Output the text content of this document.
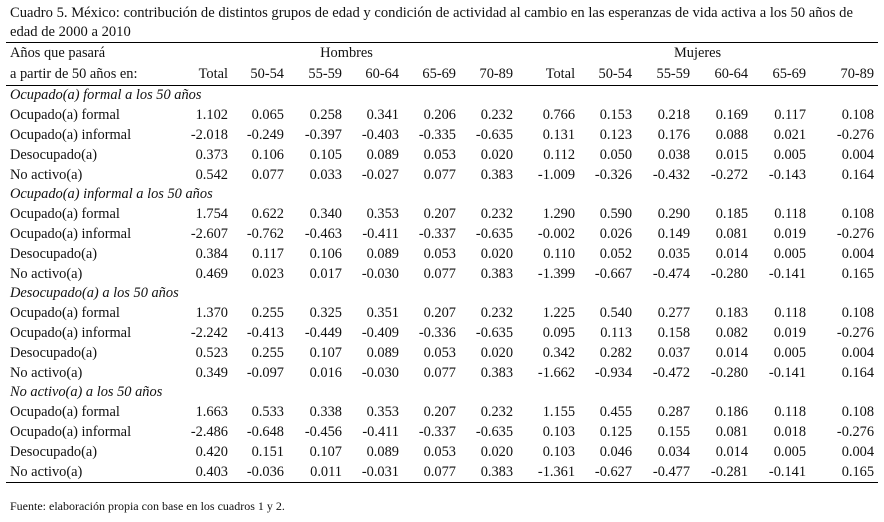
Cuadro 5. México: contribución de distintos grupos de edad y condición de actividad al cambio en las esperanzas de vida activa a los 50 años de edad de 2000 a 2010
Años que pasará	Hombres						Mujeres					
a partir de 50 años en:	Total	50-54	55-59	60-64	65-69	70-89	Total	50-54	55-59	60-64	65-69	70-89
Ocupado(a) formal a los 50 años												
Ocupado(a) formal	1.102	0.065	0.258	0.341	0.206	0.232	0.766	0.153	0.218	0.169	0.117	0.108
Ocupado(a) informal	-2.018	-0.249	-0.397	-0.403	-0.335	-0.635	0.131	0.123	0.176	0.088	0.021	-0.276
Desocupado(a)	0.373	0.106	0.105	0.089	0.053	0.020	0.112	0.050	0.038	0.015	0.005	0.004
No activo(a)	0.542	0.077	0.033	-0.027	0.077	0.383	-1.009	-0.326	-0.432	-0.272	-0.143	0.164
Ocupado(a) informal a los 50 años												
Ocupado(a) formal	1.754	0.622	0.340	0.353	0.207	0.232	1.290	0.590	0.290	0.185	0.118	0.108
Ocupado(a) informal	-2.607	-0.762	-0.463	-0.411	-0.337	-0.635	-0.002	0.026	0.149	0.081	0.019	-0.276
Desocupado(a)	0.384	0.117	0.106	0.089	0.053	0.020	0.110	0.052	0.035	0.014	0.005	0.004
No activo(a)	0.469	0.023	0.017	-0.030	0.077	0.383	-1.399	-0.667	-0.474	-0.280	-0.141	0.165
Desocupado(a) a los 50 años												
Ocupado(a) formal	1.370	0.255	0.325	0.351	0.207	0.232	1.225	0.540	0.277	0.183	0.118	0.108
Ocupado(a) informal	-2.242	-0.413	-0.449	-0.409	-0.336	-0.635	0.095	0.113	0.158	0.082	0.019	-0.276
Desocupado(a)	0.523	0.255	0.107	0.089	0.053	0.020	0.342	0.282	0.037	0.014	0.005	0.004
No activo(a)	0.349	-0.097	0.016	-0.030	0.077	0.383	-1.662	-0.934	-0.472	-0.280	-0.141	0.164
No activo(a) a los 50 años												
Ocupado(a) formal	1.663	0.533	0.338	0.353	0.207	0.232	1.155	0.455	0.287	0.186	0.118	0.108
Ocupado(a) informal	-2.486	-0.648	-0.456	-0.411	-0.337	-0.635	0.103	0.125	0.155	0.081	0.018	-0.276
Desocupado(a)	0.420	0.151	0.107	0.089	0.053	0.020	0.103	0.046	0.034	0.014	0.005	0.004
No activo(a)	0.403	-0.036	0.011	-0.031	0.077	0.383	-1.361	-0.627	-0.477	-0.281	-0.141	0.165
Fuente: elaboración propia con base en los cuadros 1 y 2.
